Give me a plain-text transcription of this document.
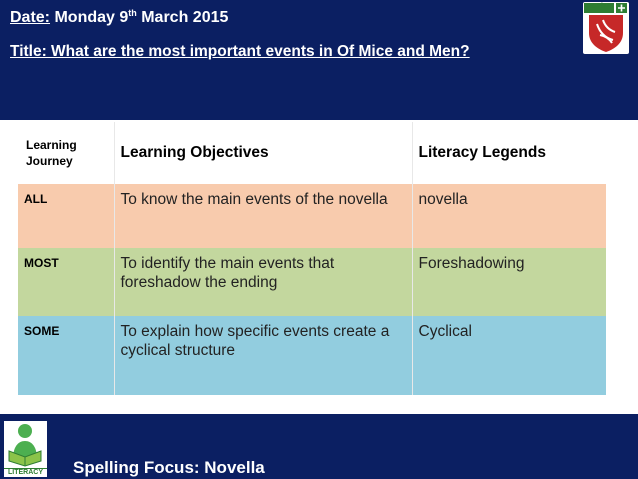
Date: Monday 9th March 2015
Title: What are the most important events in Of Mice and Men?
Harris
Learning Journey	Learning Objectives	Literacy Legends
ALL	To know the main events of the novella	novella

MOST	To identify the main events that foreshadow the ending	Foreshadowing

SOME	To explain how specific events create a cyclical structure	Cyclical
LITERACY Spelling Focus: Novella
